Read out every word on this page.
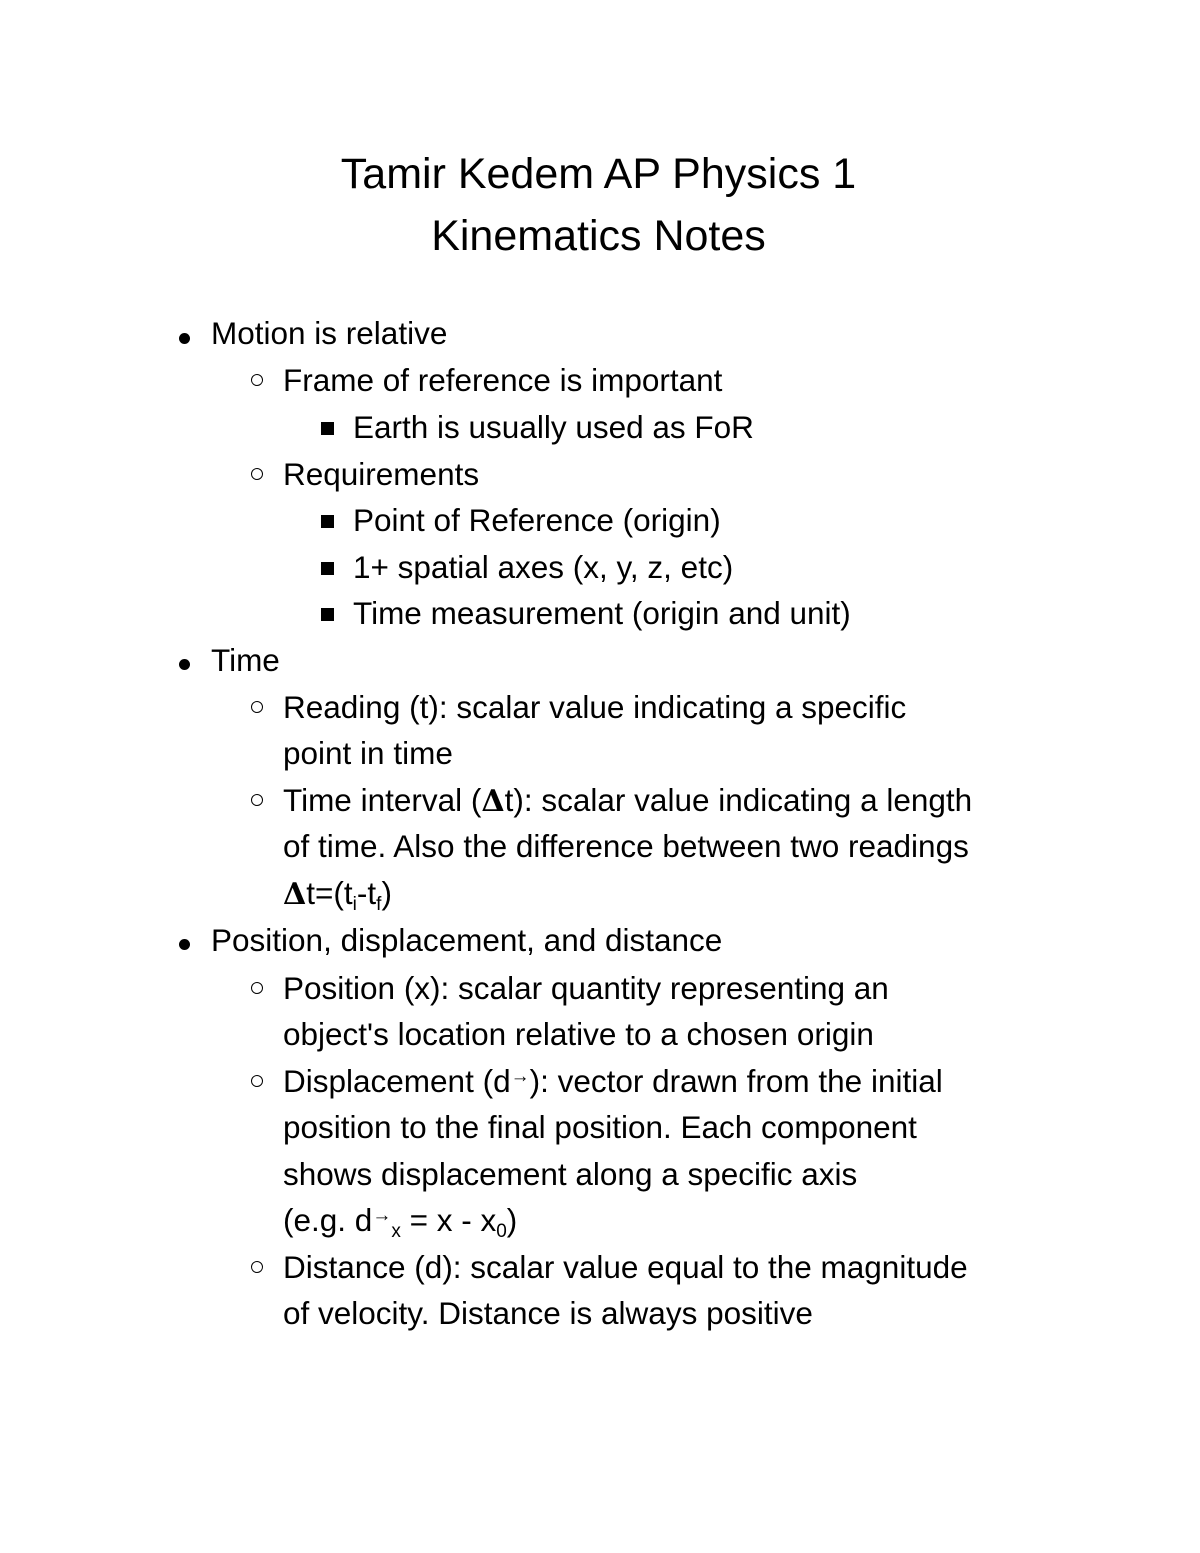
Tamir Kedem AP Physics 1
Kinematics Notes
Motion is relative
Frame of reference is important
Earth is usually used as FoR
Requirements
Point of Reference (origin)
1+ spatial axes (x, y, z, etc)
Time measurement (origin and unit)
Time
Reading (t): scalar value indicating a specific
point in time
Time interval (Δt): scalar value indicating a length
of time. Also the difference between two readings
$\Delta t=(t_i-t_f)$
Position, displacement, and distance
Position (x): scalar quantity representing an
object's location relative to a chosen origin
Displacement (d→): vector drawn from the initial
position to the final position. Each component
shows displacement along a specific axis
(e.g. $d^\to_x = x - x_0$)
Distance (d): scalar value equal to the magnitude
of velocity. Distance is always positive
